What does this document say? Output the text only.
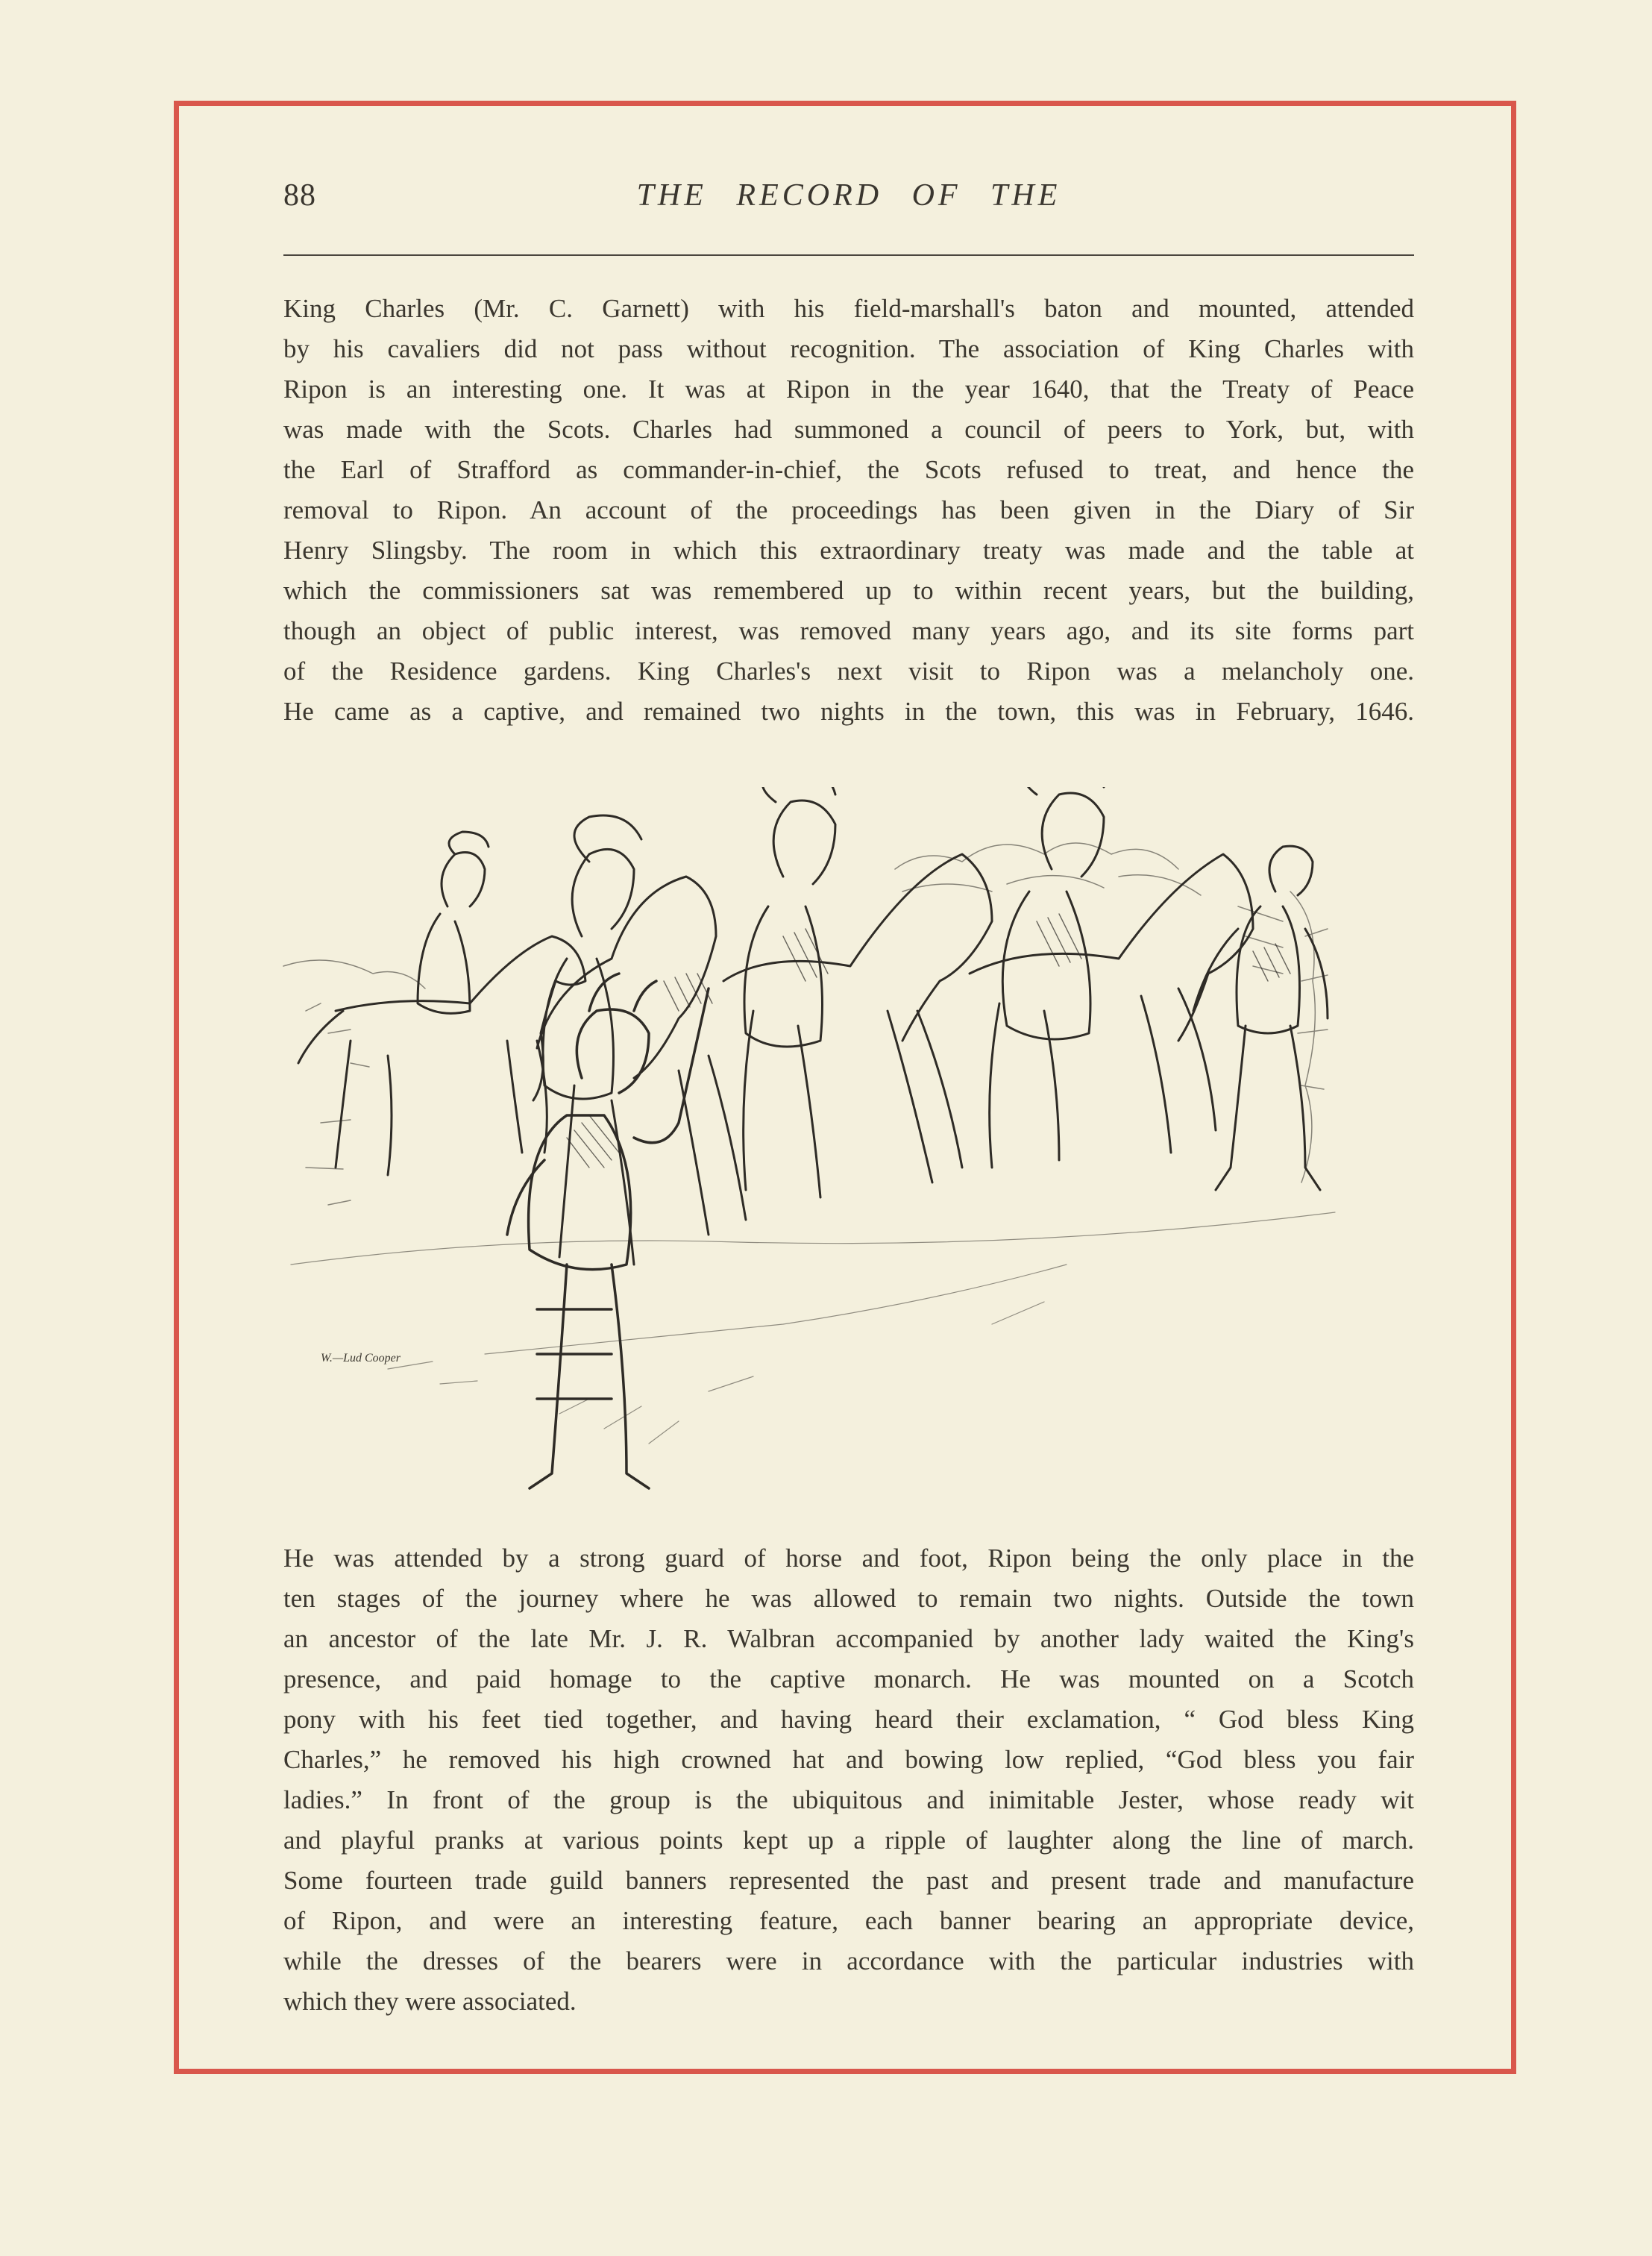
88	THE RECORD OF THE
King Charles (Mr. C. Garnett) with his field-marshall's baton and mounted, attended
by his cavaliers did not pass without recognition. The association of King Charles with
Ripon is an interesting one. It was at Ripon in the year 1640, that the Treaty of Peace
was made with the Scots. Charles had summoned a council of peers to York, but, with
the Earl of Strafford as commander-in-chief, the Scots refused to treat, and hence the
removal to Ripon. An account of the proceedings has been given in the Diary of Sir
Henry Slingsby. The room in which this extraordinary treaty was made and the table at
which the commissioners sat was remembered up to within recent years, but the building,
though an object of public interest, was removed many years ago, and its site forms part
of the Residence gardens. King Charles's next visit to Ripon was a melancholy one.
He came as a captive, and remained two nights in the town, this was in February, 1646.
W.—Lud Cooper
He was attended by a strong guard of horse and foot, Ripon being the only place in the
ten stages of the journey where he was allowed to remain two nights. Outside the town
an ancestor of the late Mr. J. R. Walbran accompanied by another lady waited the King's
presence, and paid homage to the captive monarch. He was mounted on a Scotch
pony with his feet tied together, and having heard their exclamation, “ God bless King
Charles,” he removed his high crowned hat and bowing low replied, “God bless you fair
ladies.” In front of the group is the ubiquitous and inimitable Jester, whose ready wit
and playful pranks at various points kept up a ripple of laughter along the line of march.
Some fourteen trade guild banners represented the past and present trade and manufacture
of Ripon, and were an interesting feature, each banner bearing an appropriate device,
while the dresses of the bearers were in accordance with the particular industries with
which they were associated.
